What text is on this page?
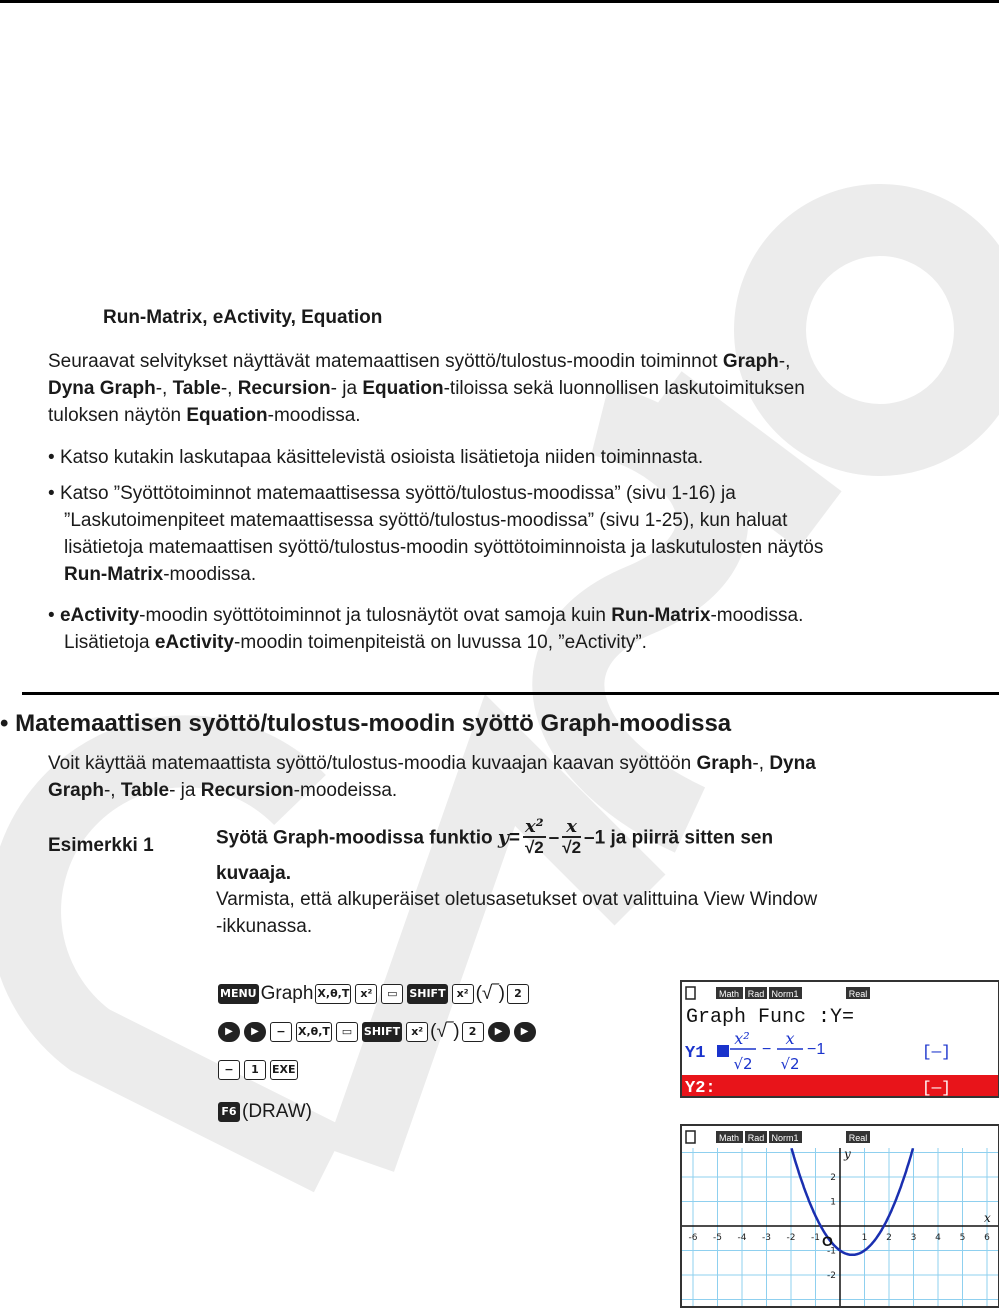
Run-Matrix, eActivity, Equation
Seuraavat selvitykset näyttävät matemaattisen syöttö/tulostus-moodin toiminnot Graph-,
Dyna Graph-, Table-, Recursion- ja Equation-tiloissa sekä luonnollisen laskutoimituksen
tuloksen näytön Equation-moodissa.
• Katso kutakin laskutapaa käsittelevistä osioista lisätietoja niiden toiminnasta.
• Katso ”Syöttötoiminnot matemaattisessa syöttö/tulostus-moodissa” (sivu 1-16) ja
”Laskutoimenpiteet matemaattisessa syöttö/tulostus-moodissa” (sivu 1-25), kun haluat
lisätietoja matemaattisen syöttö/tulostus-moodin syöttötoiminnoista ja laskutulosten näytös
Run-Matrix-moodissa.
• eActivity-moodin syöttötoiminnot ja tulosnäytöt ovat samoja kuin Run-Matrix-moodissa.
Lisätietoja eActivity-moodin toimenpiteistä on luvussa 10, ”eActivity”.
• Matemaattisen syöttö/tulostus-moodin syöttö Graph-moodissa
Voit käyttää matemaattista syöttö/tulostus-moodia kuvaajan kaavan syöttöön Graph-, Dyna
Graph-, Table- ja Recursion-moodeissa.
Esimerkki 1	Syötä Graph-moodissa funktio $y= \frac{\text{x²}}{√2} - \frac{x}{√2} -1$ ja piirrä sitten sen
kuvaaja.
Varmista, että alkuperäiset oletusasetukset ovat valittuina View Window
-ikkunassa.
MENU Graph X,θ,T x² ▭ SHIFT x² (√‾) 2
▶ ▶ − X,θ,T ▭ SHIFT x² (√‾) 2 ▶ ▶
− 1 EXE
F6 (DRAW)
Math Rad Norm1	Real
Graph Func :Y=
Y1
x²
√2
−
x
√2
−1	[—]
Y2:	[—]
Math Rad Norm1	Real
-6 -5 -4 -3 -2 -1	1 2 3 4 5 6
2
1
-1
-2
x
y
O
